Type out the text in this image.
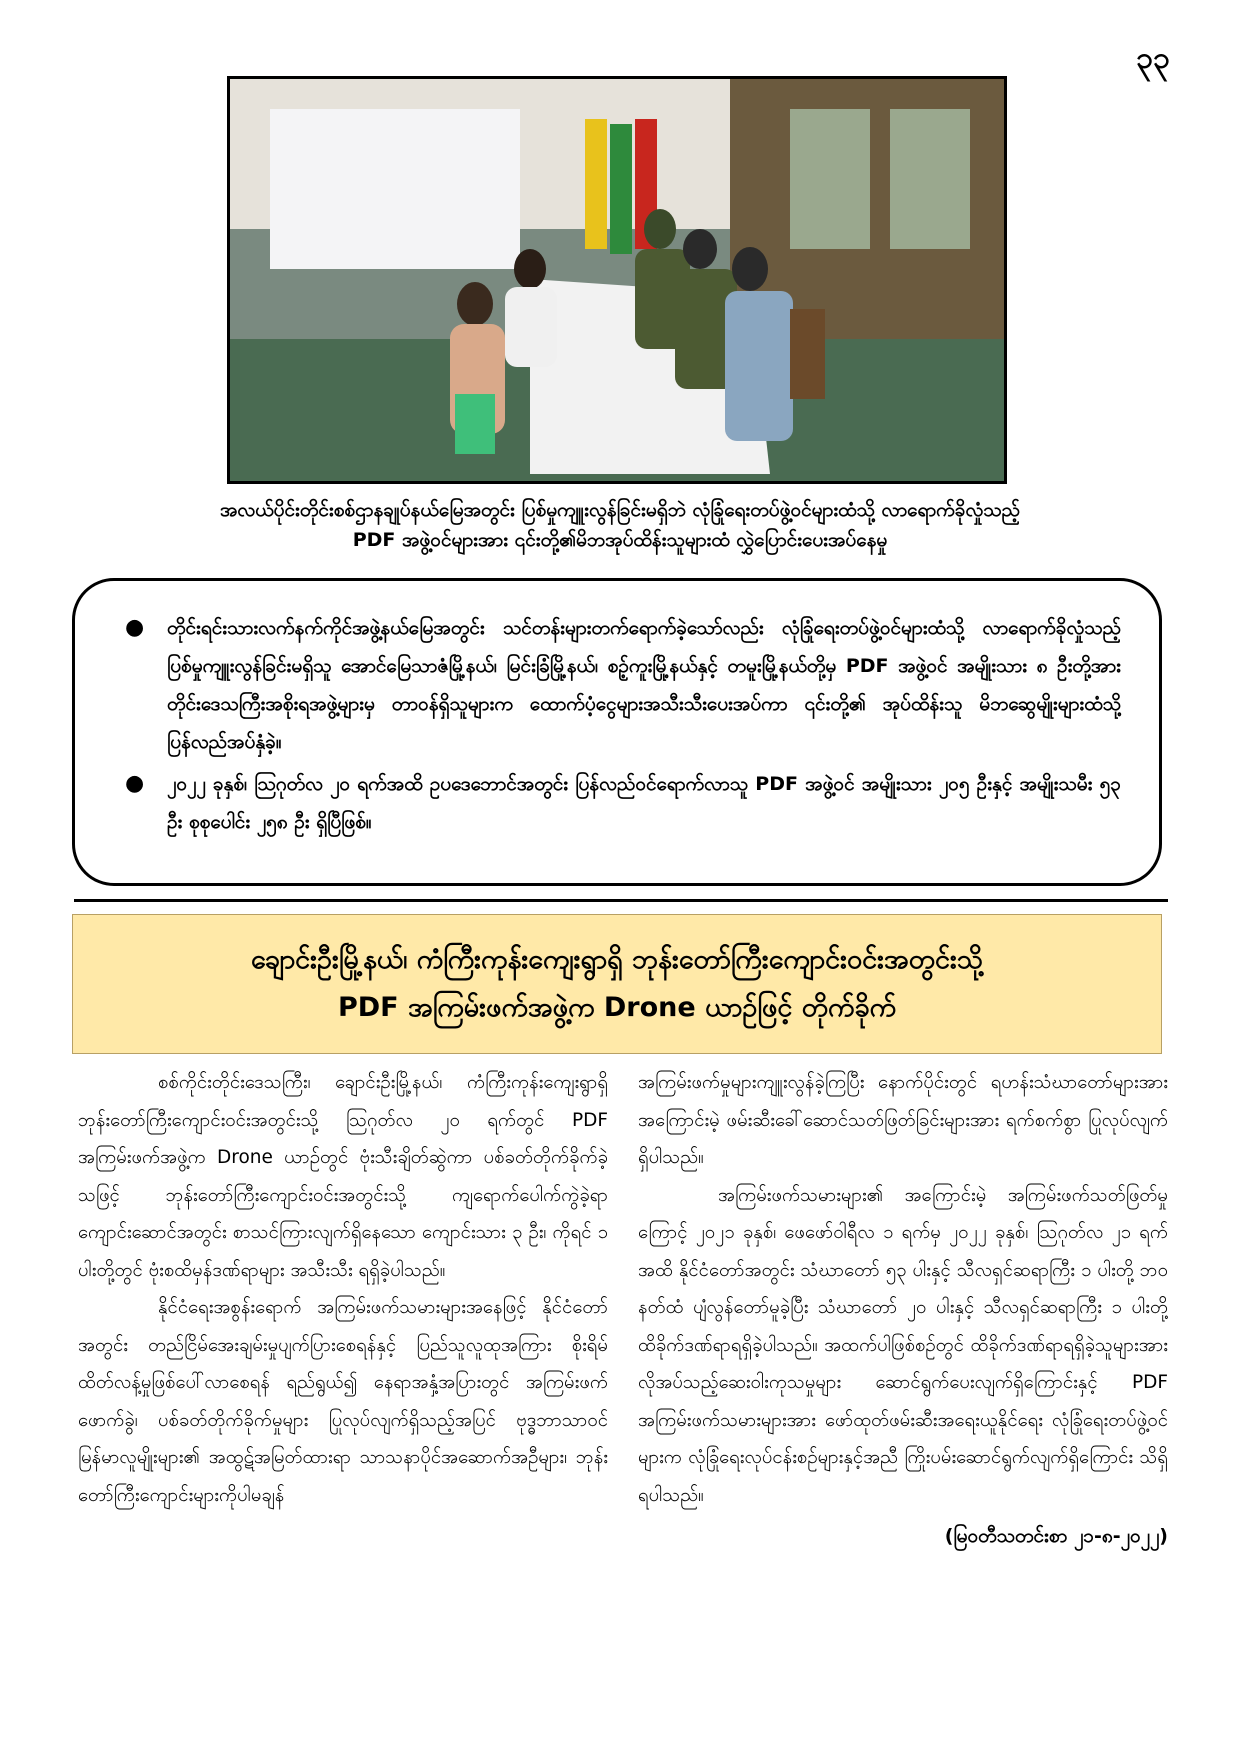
၃၃
အလယ်ပိုင်းတိုင်းစစ်ဌာနချုပ်နယ်မြေအတွင်း ပြစ်မှုကျူးလွန်ခြင်းမရှိဘဲ လုံခြုံရေးတပ်ဖွဲ့ဝင်များထံသို့ လာရောက်ခိုလှုံသည့်
PDF အဖွဲ့ဝင်များအား ၎င်းတို့၏မိဘအုပ်ထိန်းသူများထံ လွှဲပြောင်းပေးအပ်နေမှု
● တိုင်းရင်းသားလက်နက်ကိုင်အဖွဲ့နယ်မြေအတွင်း သင်တန်းများတက်ရောက်ခဲ့သော်လည်း လုံခြုံရေးတပ်ဖွဲ့ဝင်များထံသို့ လာရောက်ခိုလှုံသည့် ပြစ်မှုကျူးလွန်ခြင်းမရှိသူ အောင်မြေသာဇံမြို့နယ်၊ မြင်းခြံမြို့နယ်၊ စဉ့်ကူးမြို့နယ်နှင့် တမူးမြို့နယ်တို့မှ PDF အဖွဲ့ဝင် အမျိုးသား ၈ ဦးတို့အား တိုင်းဒေသကြီးအစိုးရအဖွဲ့များမှ တာဝန်ရှိသူများက ထောက်ပံ့ငွေများအသီးသီးပေးအပ်ကာ ၎င်းတို့၏ အုပ်ထိန်းသူ မိဘဆွေမျိုးများထံသို့ ပြန်လည်အပ်နှံခဲ့။
● ၂၀၂၂ ခုနှစ်၊ ဩဂုတ်လ ၂၀ ရက်အထိ ဥပဒေဘောင်အတွင်း ပြန်လည်ဝင်ရောက်လာသူ PDF အဖွဲ့ဝင် အမျိုးသား ၂၀၅ ဦးနှင့် အမျိုးသမီး ၅၃ ဦး စုစုပေါင်း ၂၅၈ ဦး ရှိပြီဖြစ်။
ချောင်းဦးမြို့နယ်၊ ကံကြီးကုန်းကျေးရွာရှိ ဘုန်းတော်ကြီးကျောင်းဝင်းအတွင်းသို့
PDF အကြမ်းဖက်အဖွဲ့က Drone ယာဉ်ဖြင့် တိုက်ခိုက်

စစ်ကိုင်းတိုင်းဒေသကြီး၊ ချောင်းဦးမြို့နယ်၊ ကံကြီးကုန်းကျေးရွာရှိ ဘုန်းတော်ကြီးကျောင်းဝင်းအတွင်းသို့ ဩဂုတ်လ ၂၀ ရက်တွင် PDF အကြမ်းဖက်အဖွဲ့က Drone ယာဉ်တွင် ဗုံးသီးချိတ်ဆွဲကာ ပစ်ခတ်တိုက်ခိုက်ခဲ့သဖြင့် ဘုန်းတော်ကြီးကျောင်းဝင်းအတွင်းသို့ ကျရောက်ပေါက်ကွဲခဲ့ရာ ကျောင်းဆောင်အတွင်း စာသင်ကြားလျက်ရှိနေသော ကျောင်းသား ၃ ဦး၊ ကိုရင် ၁ ပါးတို့တွင် ဗုံးစထိမှန်ဒဏ်ရာများ အသီးသီး ရရှိခဲ့ပါသည်။

နိုင်ငံရေးအစွန်းရောက် အကြမ်းဖက်သမားများအနေဖြင့် နိုင်ငံတော်အတွင်း တည်ငြိမ်အေးချမ်းမှုပျက်ပြားစေရန်နှင့် ပြည်သူလူထုအကြား စိုးရိမ်ထိတ်လန့်မှုဖြစ်ပေါ်လာစေရန် ရည်ရွယ်၍ နေရာအနှံ့အပြားတွင် အကြမ်းဖက်ဖောက်ခွဲ၊ ပစ်ခတ်တိုက်ခိုက်မှုများ ပြုလုပ်လျက်ရှိသည့်အပြင် ဗုဒ္ဓဘာသာဝင် မြန်မာလူမျိုးများ၏ အထွဋ်အမြတ်ထားရာ သာသနာပိုင်အဆောက်အဦများ၊ ဘုန်းတော်ကြီးကျောင်းများကိုပါမချန်

အကြမ်းဖက်မှုများကျူးလွန်ခဲ့ကြပြီး နောက်ပိုင်းတွင် ရဟန်းသံဃာတော်များအား အကြောင်းမဲ့ ဖမ်းဆီးခေါ်ဆောင်သတ်ဖြတ်ခြင်းများအား ရက်စက်စွာ ပြုလုပ်လျက်ရှိပါသည်။

အကြမ်းဖက်သမားများ၏ အကြောင်းမဲ့ အကြမ်းဖက်သတ်ဖြတ်မှုကြောင့် ၂၀၂၁ ခုနှစ်၊ ဖေဖော်ဝါရီလ ၁ ရက်မှ ၂၀၂၂ ခုနှစ်၊ ဩဂုတ်လ ၂၁ ရက်အထိ နိုင်ငံတော်အတွင်း သံဃာတော် ၅၃ ပါးနှင့် သီလရှင်ဆရာကြီး ၁ ပါးတို့ ဘဝနတ်ထံ ပျံလွန်တော်မူခဲ့ပြီး သံဃာတော် ၂၀ ပါးနှင့် သီလရှင်ဆရာကြီး ၁ ပါးတို့ ထိခိုက်ဒဏ်ရာရရှိခဲ့ပါသည်။ အထက်ပါဖြစ်စဉ်တွင် ထိခိုက်ဒဏ်ရာရရှိခဲ့သူများအား လိုအပ်သည့်ဆေးဝါးကုသမှုများ ဆောင်ရွက်ပေးလျက်ရှိကြောင်းနှင့် PDF အကြမ်းဖက်သမားများအား ဖော်ထုတ်ဖမ်းဆီးအရေးယူနိုင်ရေး လုံခြုံရေးတပ်ဖွဲ့ဝင်များက လုံခြုံရေးလုပ်ငန်းစဉ်များနှင့်အညီ ကြိုးပမ်းဆောင်ရွက်လျက်ရှိကြောင်း သိရှိရပါသည်။

(မြဝတီသတင်းစာ ၂၁-၈-၂၀၂၂)
